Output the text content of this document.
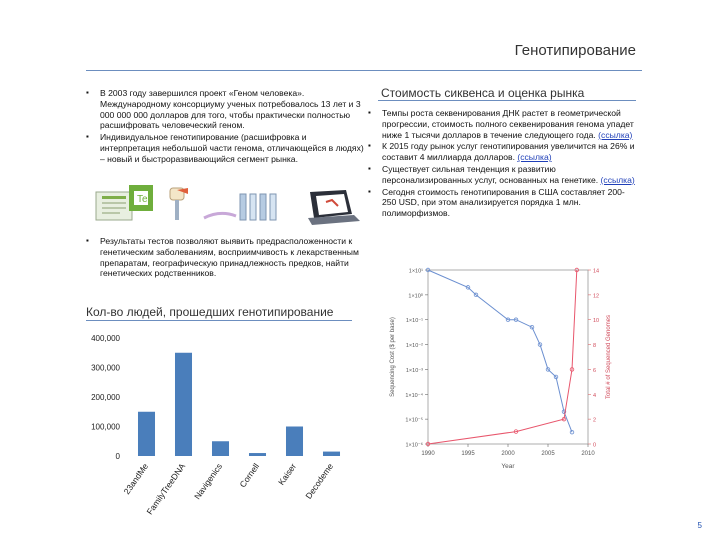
Генотипирование
▪ В 2003 году завершился проект «Геном человека». Международному консорциуму ученых потребовалось 13 лет и 3 000 000 000 долларов для того, чтобы практически полностью расшифровать человеческий геном.
▪ Индивидуальное генотипирование (расшифровка и интерпретация небольшой части генома, отличающейся в людях) – новый и быстроразвивающийся сегмент рынка.
Te
▪ Результаты тестов позволяют выявить предрасположенности к генетическим заболеваниям, восприимчивость к лекарственным препаратам, географическую принадлежность предков, найти генетических родственников.
Стоимость сиквенса и оценка рынка
▪ Темпы роста секвенирования ДНК растет в геометрической прогрессии, стоимость полного секвенирования генома упадет ниже 1 тысячи долларов в течение следующего года. (ссылка)
▪ К 2015 году рынок услуг генотипирования увеличится на 26% и составит 4 миллиарда долларов. (ссылка)
▪ Существует сильная тенденция к развитию персонализированных услуг, основанных на генетике. (ссылка)
▪ Сегодня стоимость генотипирования в США составляет 200-250 USD, при этом анализируется порядка 1 млн. полиморфизмов.
Кол-во людей, прошедших генотипирование
0
100,000
200,000
300,000
400,000
23andMe
FamilyTreeDNA Navigenics Cornell Kaiser Decodeme
1×10⁻⁶
1×10⁻⁵
1×10⁻⁴
1×10⁻³
1×10⁻²
1×10⁻¹
1×10⁰
1×10¹
0
2
4
6
8
10
12
14
1990	1995	2000	2005	2010
Year
Sequencing Cost ($ per base)	Total # of Sequenced Genomes
5
